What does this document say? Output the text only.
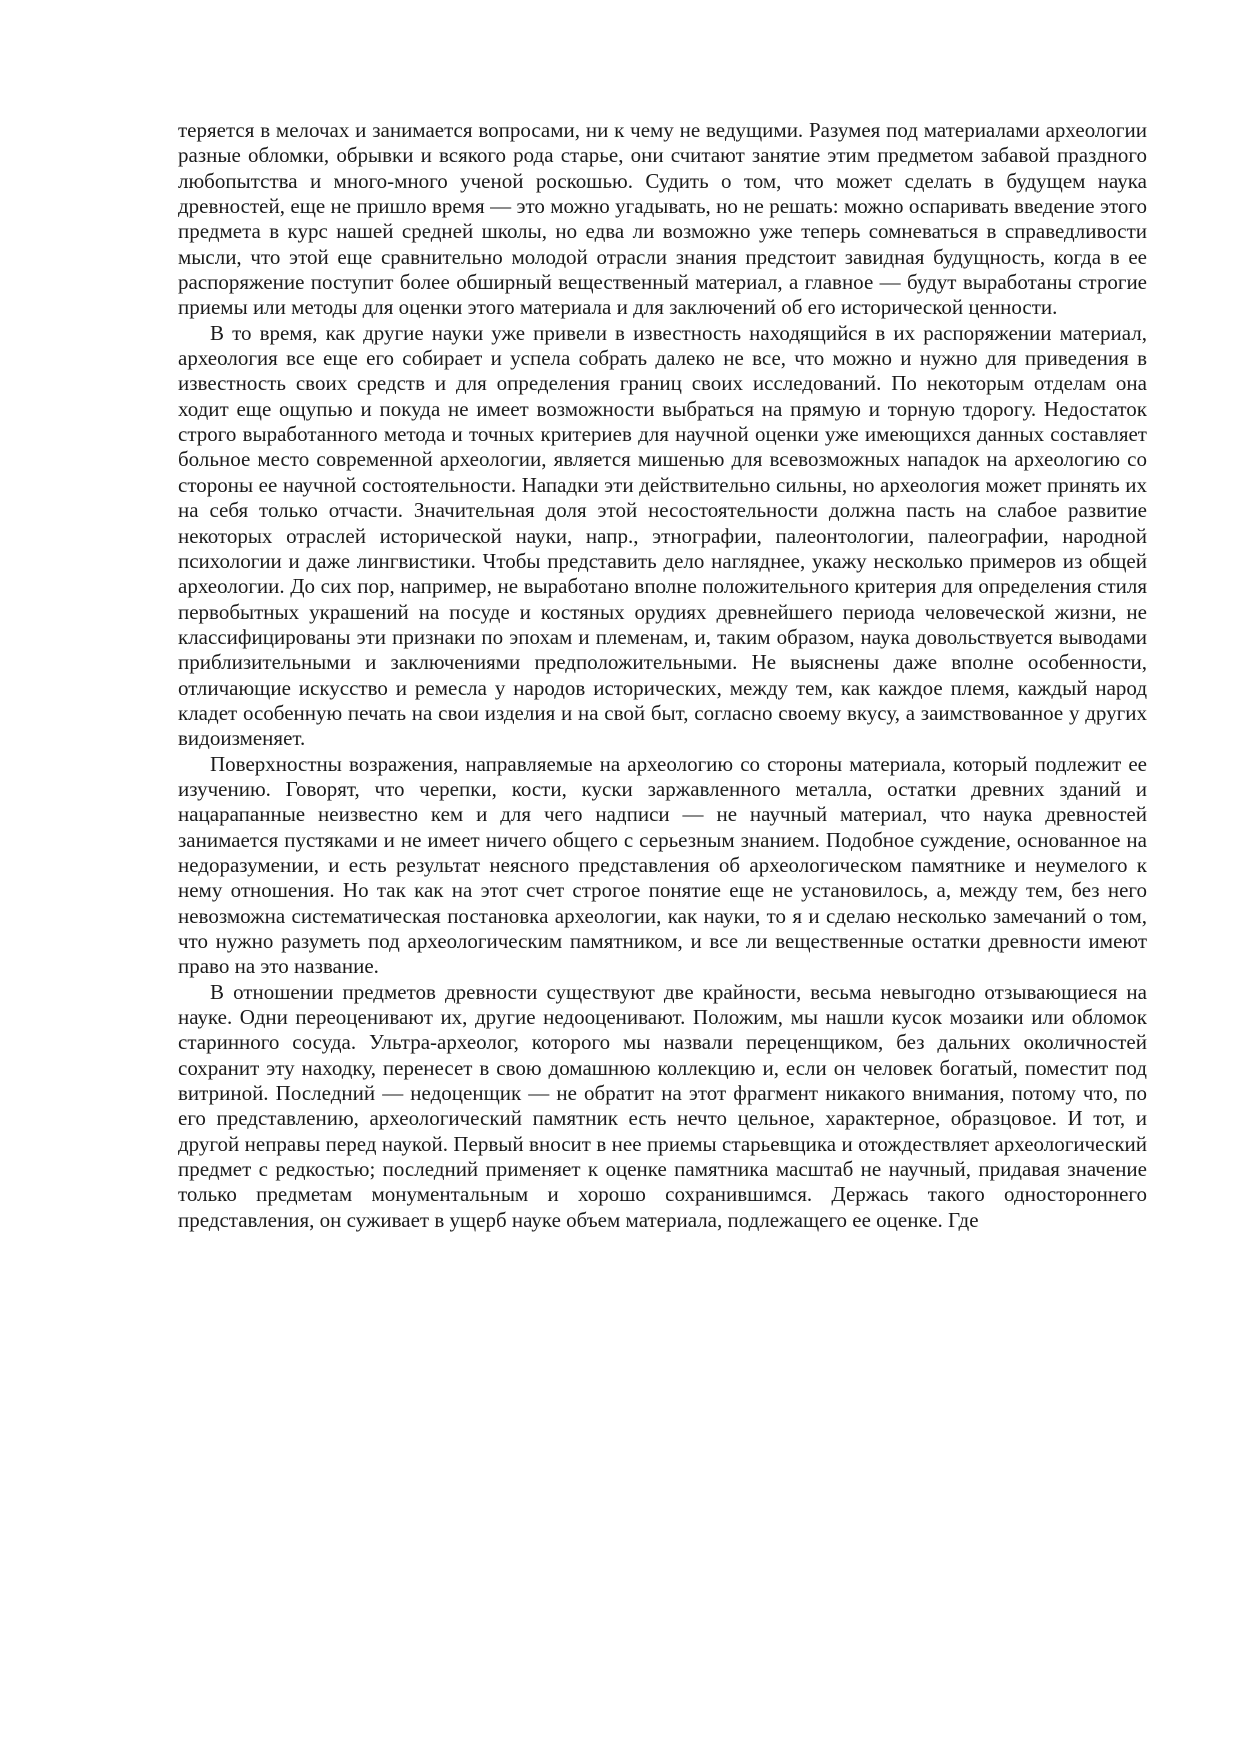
теряется в мелочах и занимается вопросами, ни к чему не ведущими. Разумея под материалами археологии разные обломки, обрывки и всякого рода старье, они считают занятие этим предметом забавой праздного любопытства и много-много ученой роскошью. Судить о том, что может сделать в будущем наука древностей, еще не пришло время — это можно угадывать, но не решать: можно оспаривать введение этого предмета в курс нашей средней школы, но едва ли возможно уже теперь сомневаться в справедливости мысли, что этой еще сравнительно молодой отрасли знания предстоит завидная будущность, когда в ее распоряжение поступит более обширный вещественный материал, а главное — будут выработаны строгие приемы или методы для оценки этого материала и для заключений об его исторической ценности.

В то время, как другие науки уже привели в известность находящийся в их распоряжении материал, археология все еще его собирает и успела собрать далеко не все, что можно и нужно для приведения в известность своих средств и для определения границ своих исследований. По некоторым отделам она ходит еще ощупью и покуда не имеет возможности выбраться на прямую и торную тдорогу. Недостаток строго выработанного метода и точных критериев для научной оценки уже имеющихся данных составляет больное место современной археологии, является мишенью для всевозможных нападок на археологию со стороны ее научной состоятельности. Нападки эти действительно сильны, но археология может принять их на себя только отчасти. Значительная доля этой несостоятельности должна пасть на слабое развитие некоторых отраслей исторической науки, напр., этнографии, палеонтологии, палеографии, народной психологии и даже лингвистики. Чтобы представить дело нагляднее, укажу несколько примеров из общей археологии. До сих пор, например, не выработано вполне положительного критерия для определения стиля первобытных украшений на посуде и костяных орудиях древнейшего периода человеческой жизни, не классифицированы эти признаки по эпохам и племенам, и, таким образом, наука довольствуется выводами приблизительными и заключениями предположительными. Не выяснены даже вполне особенности, отличающие искусство и ремесла у народов исторических, между тем, как каждое племя, каждый народ кладет особенную печать на свои изделия и на свой быт, согласно своему вкусу, а заимствованное у других видоизменяет.

Поверхностны возражения, направляемые на археологию со стороны материала, который подлежит ее изучению. Говорят, что черепки, кости, куски заржавленного металла, остатки древних зданий и нацарапанные неизвестно кем и для чего надписи — не научный материал, что наука древностей занимается пустяками и не имеет ничего общего с серьезным знанием. Подобное суждение, основанное на недоразумении, и есть результат неясного представления об археологическом памятнике и неумелого к нему отношения. Но так как на этот счет строгое понятие еще не установилось, а, между тем, без него невозможна систематическая постановка археологии, как науки, то я и сделаю несколько замечаний о том, что нужно разуметь под археологическим памятником, и все ли вещественные остатки древности имеют право на это название.

В отношении предметов древности существуют две крайности, весьма невыгодно отзывающиеся на науке. Одни переоценивают их, другие недооценивают. Положим, мы нашли кусок мозаики или обломок старинного сосуда. Ультра-археолог, которого мы назвали переценщиком, без дальних околичностей сохранит эту находку, перенесет в свою домашнюю коллекцию и, если он человек богатый, поместит под витриной. Последний — недоценщик — не обратит на этот фрагмент никакого внимания, потому что, по его представлению, археологический памятник есть нечто цельное, характерное, образцовое. И тот, и другой неправы перед наукой. Первый вносит в нее приемы старьевщика и отождествляет археологический предмет с редкостью; последний применяет к оценке памятника масштаб не научный, придавая значение только предметам монументальным и хорошо сохранившимся. Держась такого одностороннего представления, он суживает в ущерб науке объем материала, подлежащего ее оценке. Где
